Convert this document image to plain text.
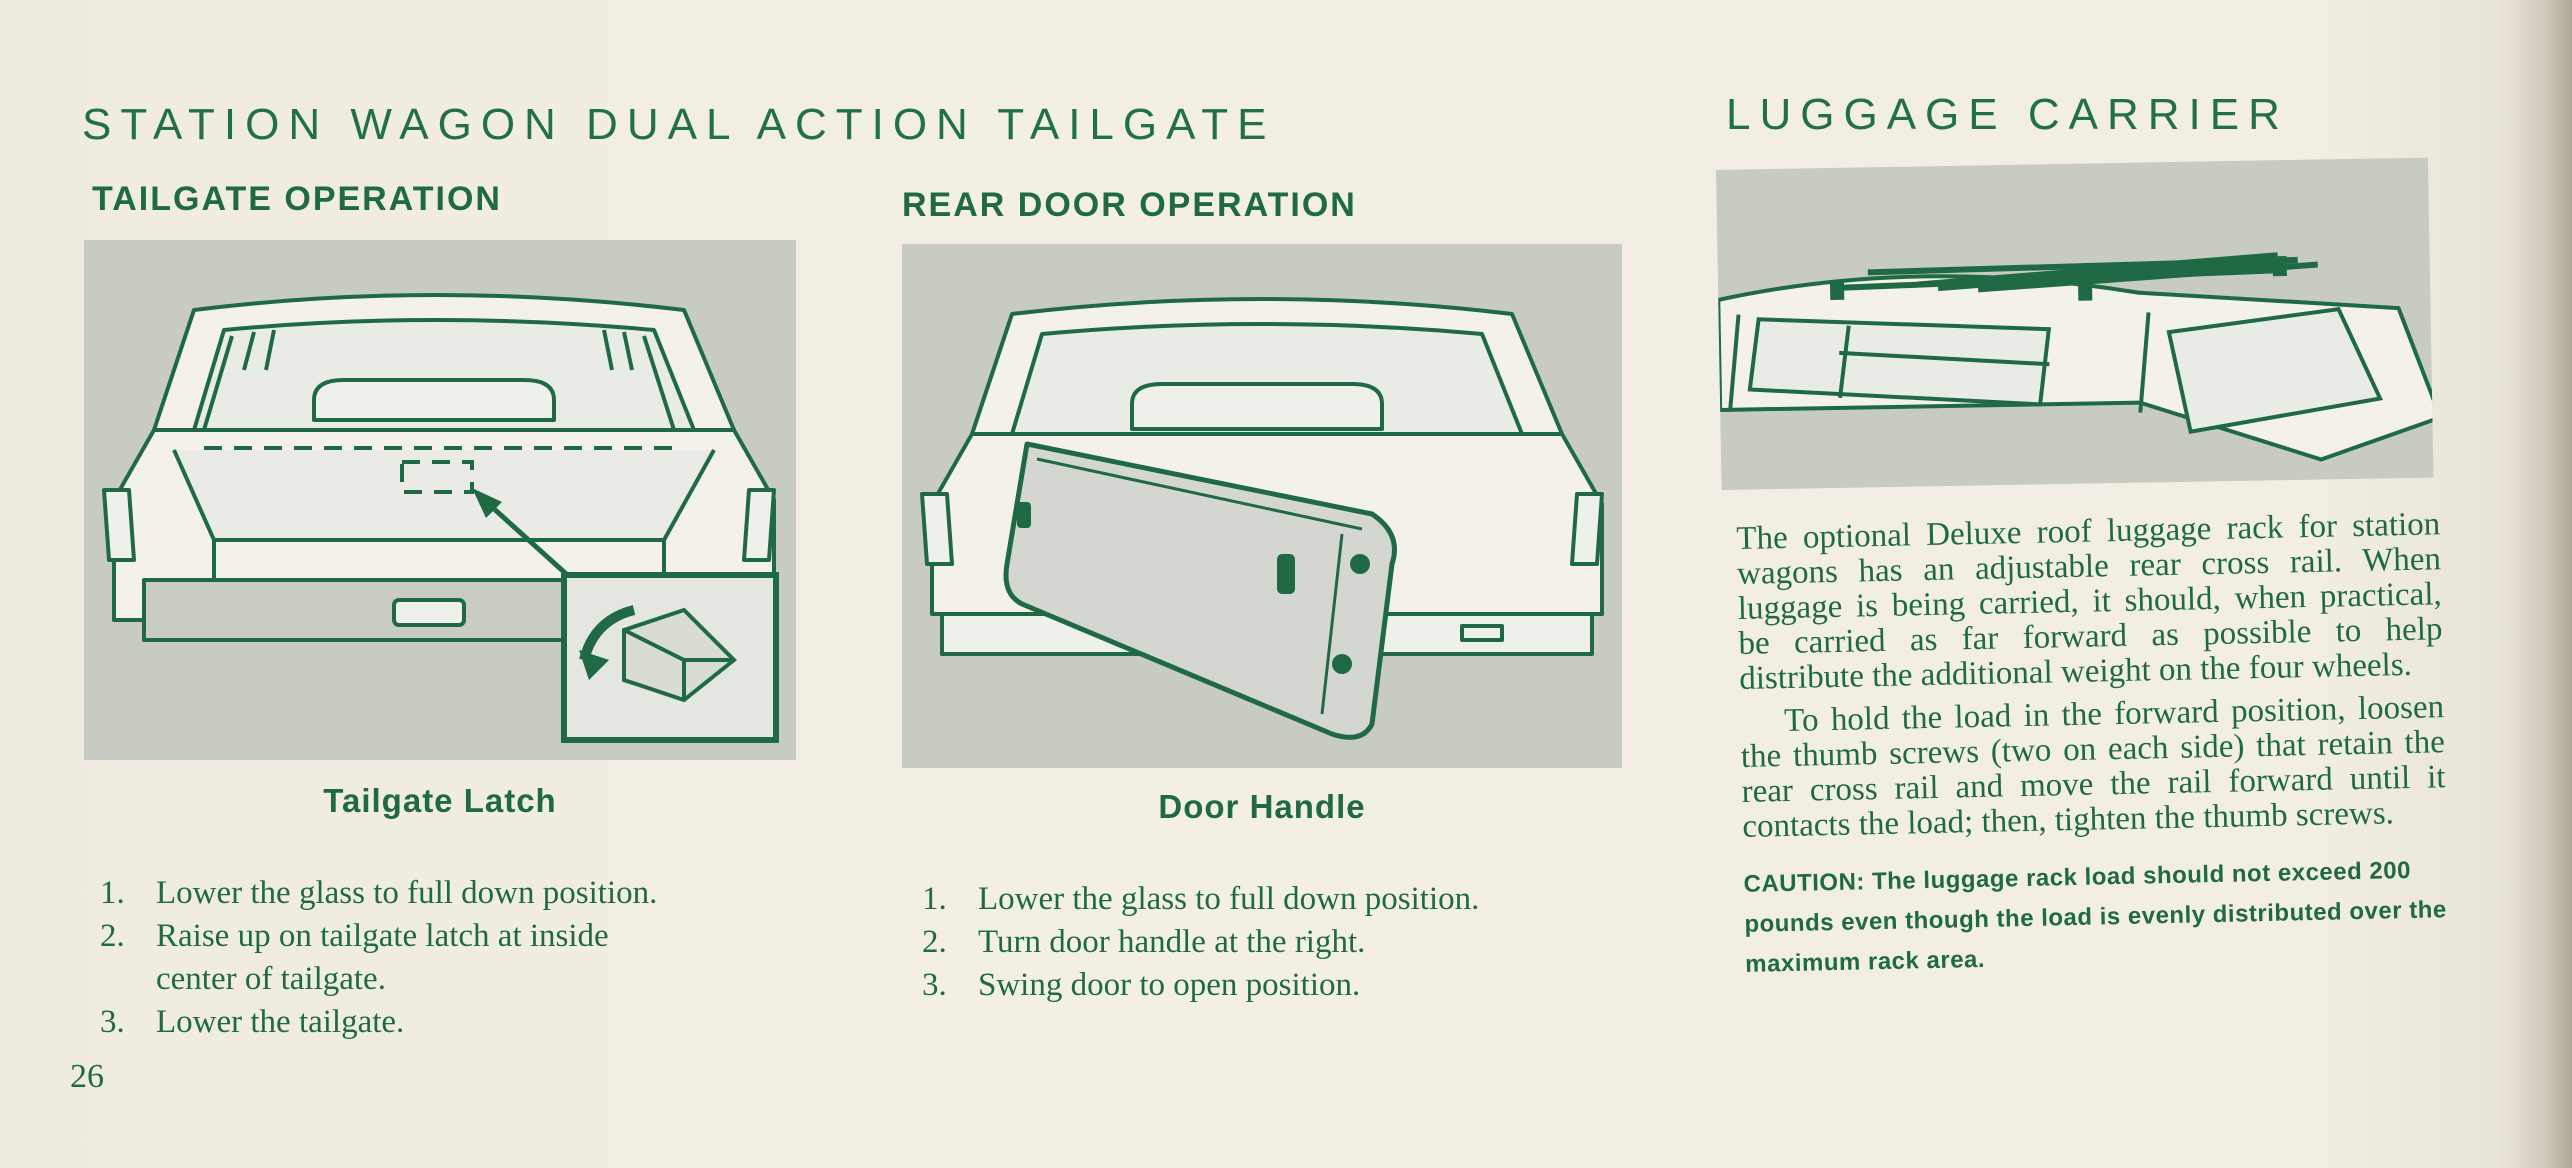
STATION WAGON DUAL ACTION TAILGATE
TAILGATE OPERATION	REAR DOOR OPERATION
Tailgate Latch	Door Handle
1. Lower the glass to full down position.
2. Raise up on tailgate latch at inside
center of tailgate.
3. Lower the tailgate.
1. Lower the glass to full down position.
2. Turn door handle at the right.
3. Swing door to open position.
26
LUGGAGE CARRIER

The optional Deluxe roof luggage rack for station wagons has an adjustable rear cross rail. When luggage is being carried, it should, when practical, be carried as far forward as possible to help distribute the additional weight on the four wheels.

To hold the load in the forward position, loosen the thumb screws (two on each side) that retain the rear cross rail and move the rail forward until it contacts the load; then, tighten the thumb screws.

CAUTION: The luggage rack load should not exceed 200 pounds even though the load is evenly distributed over the maximum rack area.
